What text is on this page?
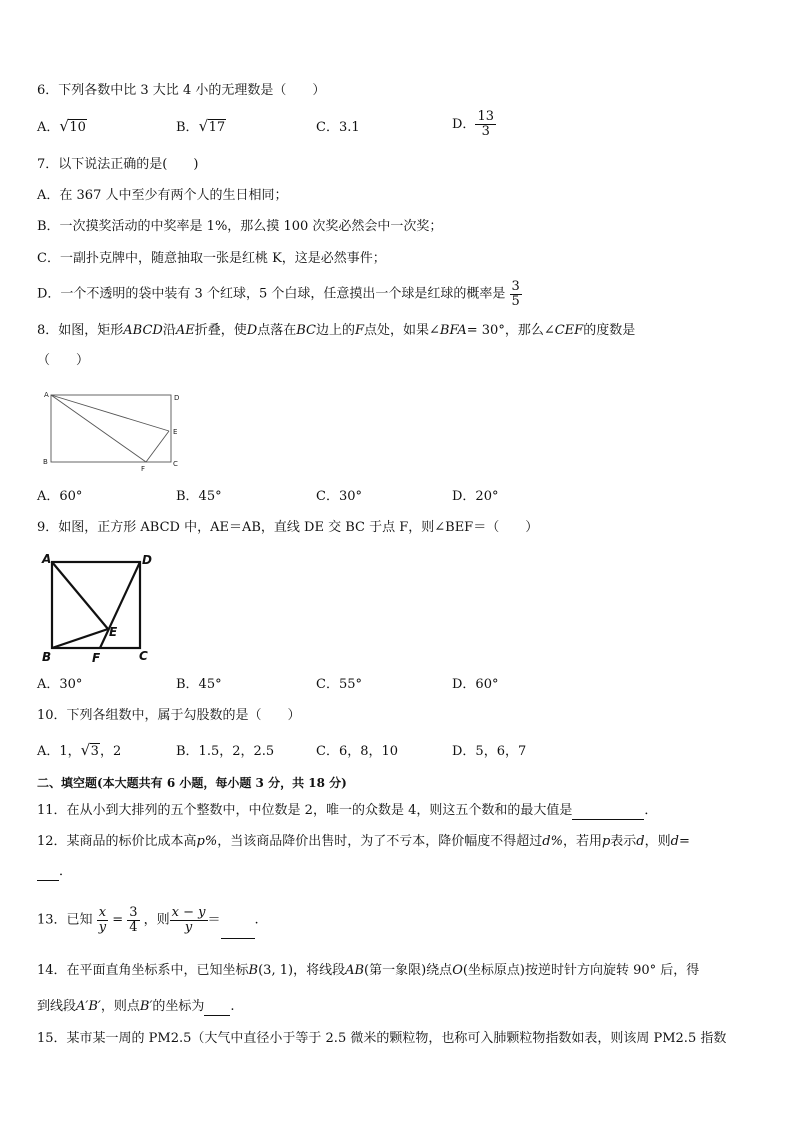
6．下列各数中比 3 大比 4 小的无理数是（　　）
A． √ 10	B． √ 17	C．3.1	D． $\frac{13}{3}$
7．以下说法正确的是(　　)
A．在 367 人中至少有两个人的生日相同；
B．一次摸奖活动的中奖率是 1%，那么摸 100 次奖必然会中一次奖；
C．一副扑克牌中，随意抽取一张是红桃 K，这是必然事件；
D．一个不透明的袋中装有 3 个红球，5 个白球，任意摸出一个球是红球的概率是 $\frac{3}{5}$
8．如图，矩形ABCD沿AE折叠，使D点落在BC边上的F点处，如果∠BFA= 30°，那么∠CEF的度数是
（　　）
A	D
E
B
F
C
A．60°	B．45°	C．30°	D．20°
9．如图，正方形 ABCD 中，AE＝AB，直线 DE 交 BC 于点 F，则∠BEF＝（　　）
A	D
E
B	F	C
A．30°	B．45°	C．55°	D．60°
10．下列各组数中，属于勾股数的是（　　）
A．1， √ 3，2	B．1.5，2，2.5	C．6，8，10	D．5，6，7
二、填空题(本大题共有 6 小题，每小题 3 分，共 18 分)
11．在从小到大排列的五个整数中，中位数是 2，唯一的众数是 4，则这五个数和的最大值是	．
12．某商品的标价比成本高p%，当该商品降价出售时，为了不亏本，降价幅度不得超过d%，若用p表示d，则d=
．
13．已知 $\frac{x}{y} = \frac{3}{4}$ ，则 $\frac{x - y}{y}$ ＝	.
14．在平面直角坐标系中，已知坐标B(3, 1)，将线段AB(第一象限)绕点O(坐标原点)按逆时针方向旋转 90° 后，得
到线段A′B′，则点B′的坐标为 .
15．某市某一周的 PM2.5（大气中直径小于等于 2.5 微米的颗粒物，也称可入肺颗粒物指数如表，则该周 PM2.5 指数
